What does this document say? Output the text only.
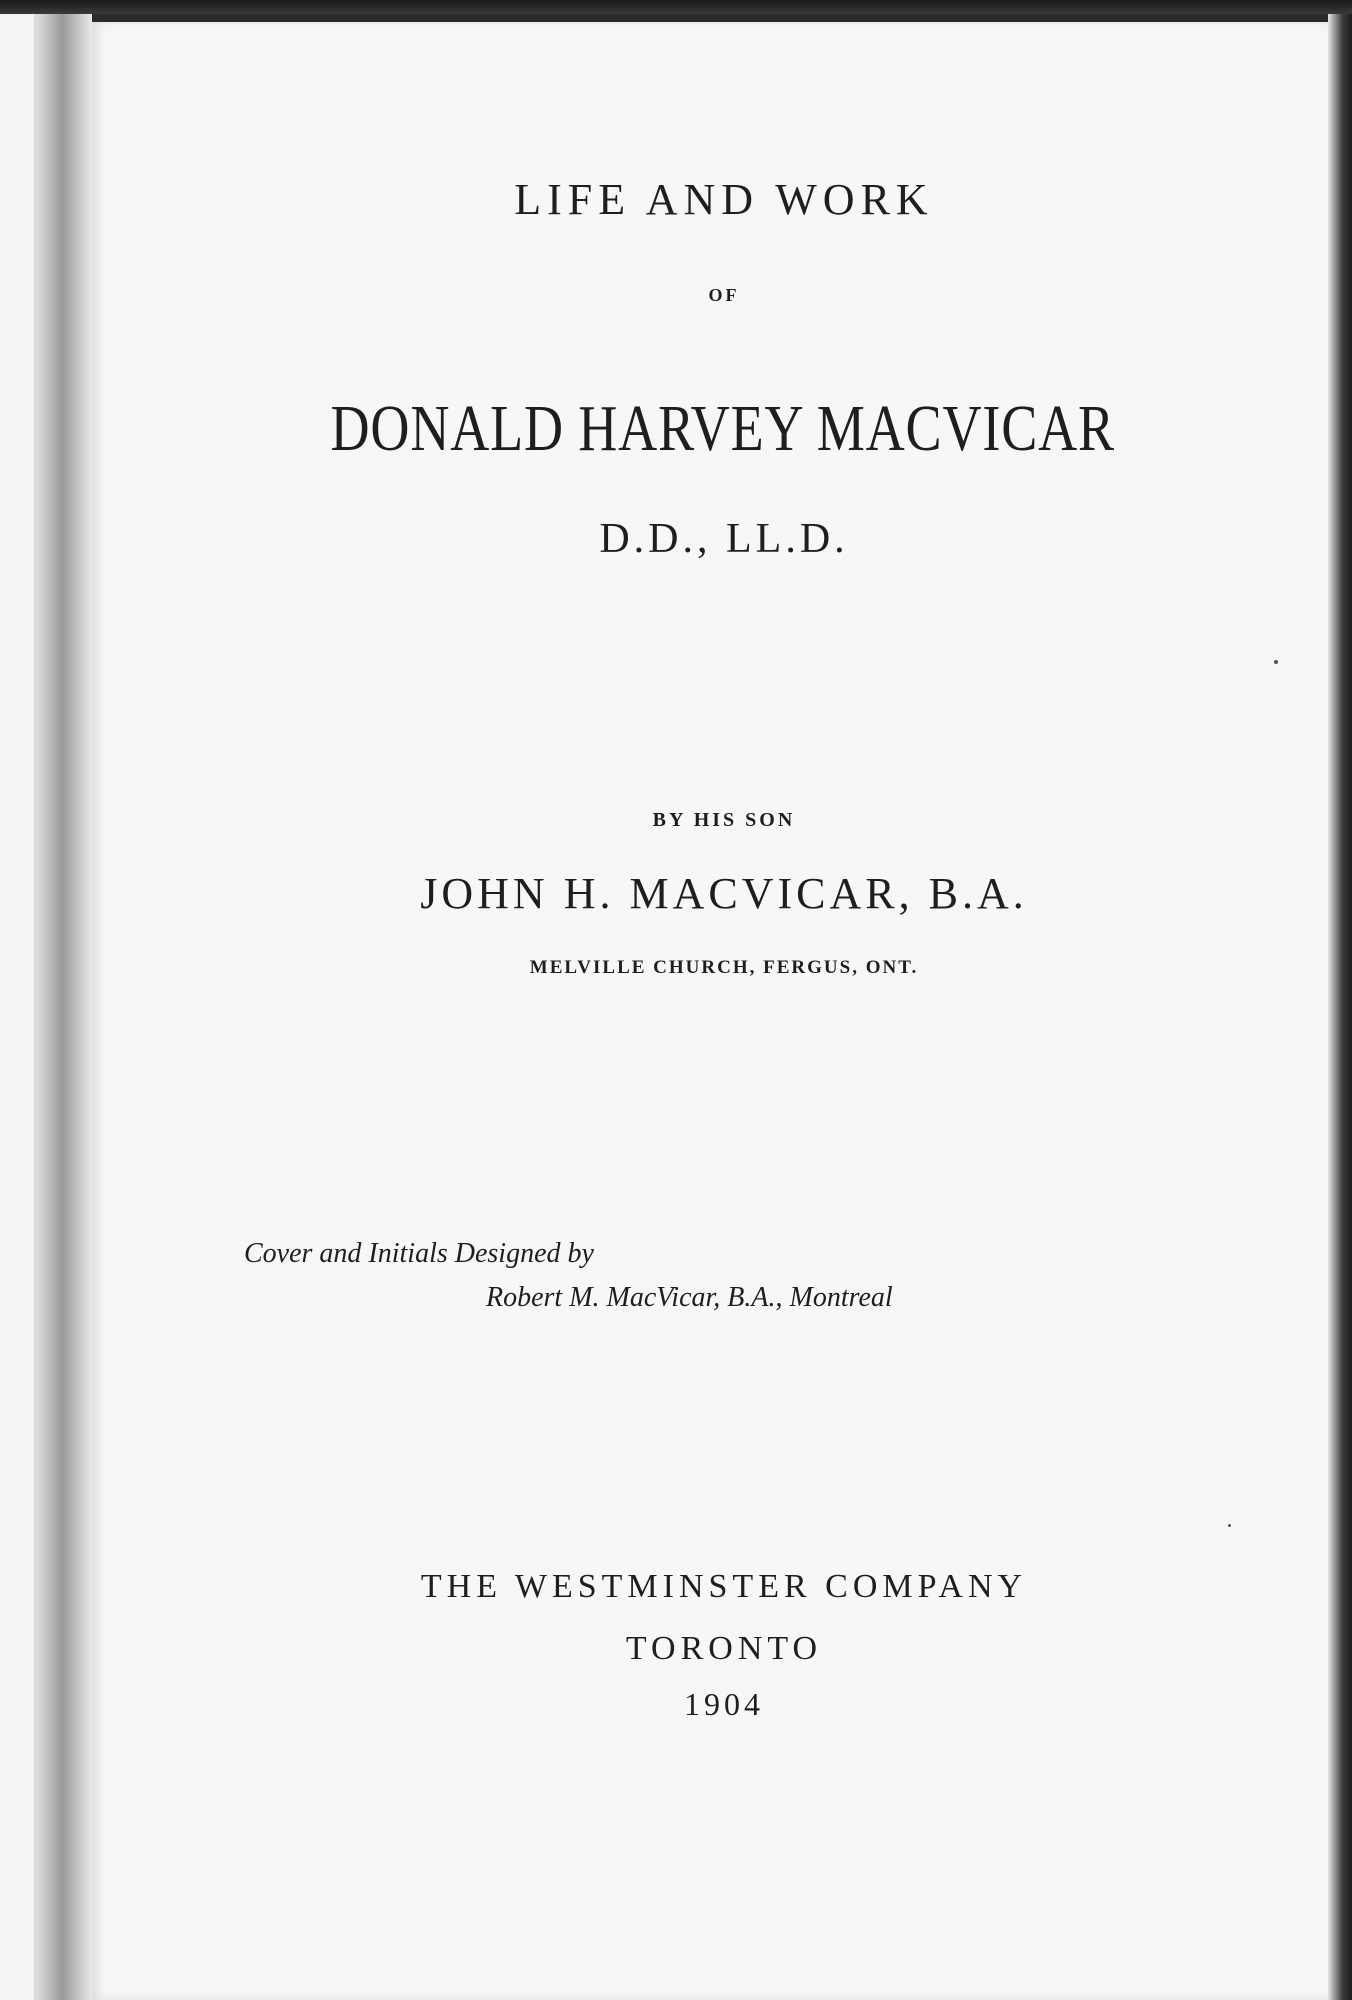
LIFE AND WORK

OF

DONALD HARVEY MACVICAR

D.D., LL.D.

BY HIS SON

JOHN H. MACVICAR, B.A.

MELVILLE CHURCH, FERGUS, ONT.

Cover and Initials Designed by

Robert M. MacVicar, B.A., Montreal

THE WESTMINSTER COMPANY

TORONTO

1904
